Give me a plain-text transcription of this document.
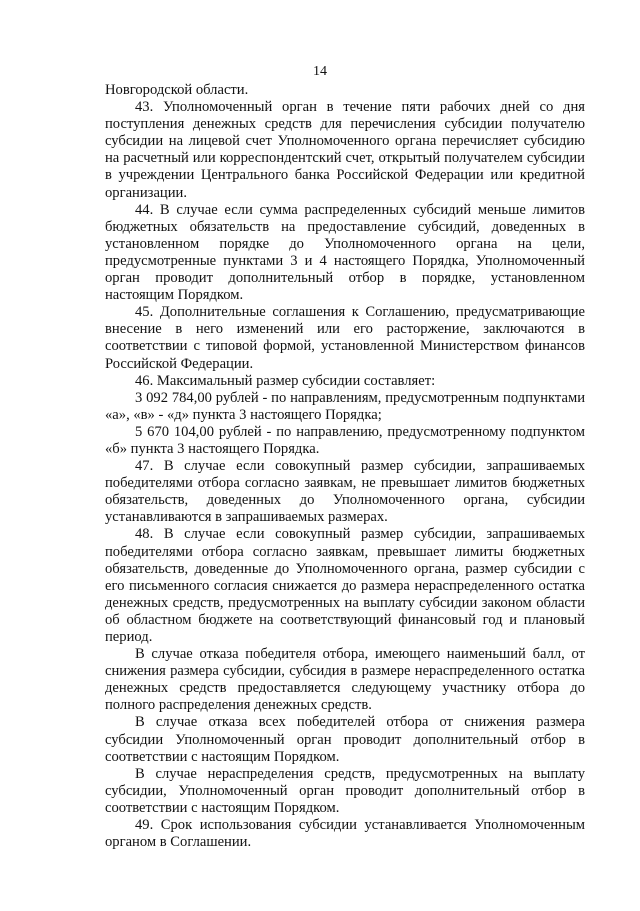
14

Новгородской области.

43. Уполномоченный орган в течение пяти рабочих дней со дня поступления денежных средств для перечисления субсидии получателю субсидии на лицевой счет Уполномоченного органа перечисляет субсидию на расчетный или корреспондентский счет, открытый получателем субсидии в учреждении Центрального банка Российской Федерации или кредитной организации.

44. В случае если сумма распределенных субсидий меньше лимитов бюджетных обязательств на предоставление субсидий, доведенных в установленном порядке до Уполномоченного органа на цели, предусмотренные пунктами 3 и 4 настоящего Порядка, Уполномоченный орган проводит дополнительный отбор в порядке, установленном настоящим Порядком.

45. Дополнительные соглашения к Соглашению, предусматривающие внесение в него изменений или его расторжение, заключаются в соответствии с типовой формой, установленной Министерством финансов Российской Федерации.

46. Максимальный размер субсидии составляет:

3 092 784,00 рублей - по направлениям, предусмотренным подпунктами «а», «в» - «д» пункта 3 настоящего Порядка;

5 670 104,00 рублей - по направлению, предусмотренному подпунктом «б» пункта 3 настоящего Порядка.

47. В случае если совокупный размер субсидии, запрашиваемых победителями отбора согласно заявкам, не превышает лимитов бюджетных обязательств, доведенных до Уполномоченного органа, субсидии устанавливаются в запрашиваемых размерах.

48. В случае если совокупный размер субсидии, запрашиваемых победителями отбора согласно заявкам, превышает лимиты бюджетных обязательств, доведенные до Уполномоченного органа, размер субсидии с его письменного согласия снижается до размера нераспределенного остатка денежных средств, предусмотренных на выплату субсидии законом области об областном бюджете на соответствующий финансовый год и плановый период.

В случае отказа победителя отбора, имеющего наименьший балл, от снижения размера субсидии, субсидия в размере нераспределенного остатка денежных средств предоставляется следующему участнику отбора до полного распределения денежных средств.

В случае отказа всех победителей отбора от снижения размера субсидии Уполномоченный орган проводит дополнительный отбор в соответствии с настоящим Порядком.

В случае нераспределения средств, предусмотренных на выплату субсидии, Уполномоченный орган проводит дополнительный отбор в соответствии с настоящим Порядком.

49. Срок использования субсидии устанавливается Уполномоченным органом в Соглашении.
